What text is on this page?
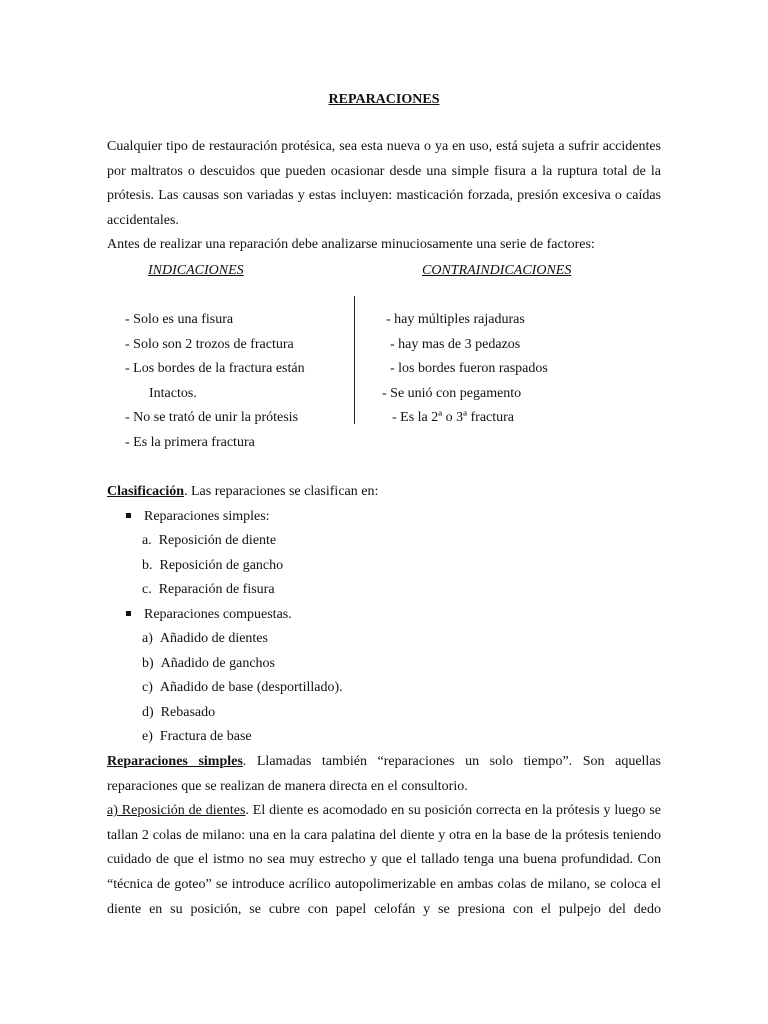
REPARACIONES
Cualquier tipo de restauración protésica, sea esta nueva o ya en uso, está sujeta a sufrir accidentes
por maltratos o descuidos que pueden ocasionar desde una simple fisura a la ruptura total de la
prótesis. Las causas son variadas y estas incluyen: masticación forzada, presión excesiva o caídas
accidentales.
Antes de realizar una reparación debe analizarse minuciosamente una serie de factores:
INDICACIONES	CONTRAINDICACIONES
- Solo es una fisura
- Solo son 2 trozos de fractura
- Los bordes de la fractura están
Intactos.
- No se trató de unir la prótesis
- Es la primera fractura
- hay múltiples rajaduras
- hay mas de 3 pedazos
- los bordes fueron raspados
- Se unió con pegamento
- Es la 2ª o 3ª fractura
Clasificación. Las reparaciones se clasifican en:
Reparaciones simples:
a. Reposición de diente
b. Reposición de gancho
c. Reparación de fisura
Reparaciones compuestas.
a) Añadido de dientes
b) Añadido de ganchos
c) Añadido de base (desportillado).
d) Rebasado
e) Fractura de base
Reparaciones simples. Llamadas también “reparaciones un solo tiempo”. Son aquellas
reparaciones que se realizan de manera directa en el consultorio.
a) Reposición de dientes. El diente es acomodado en su posición correcta en la prótesis y luego se
tallan 2 colas de milano: una en la cara palatina del diente y otra en la base de la prótesis teniendo
cuidado de que el istmo no sea muy estrecho y que el tallado tenga una buena profundidad. Con
“técnica de goteo” se introduce acrílico autopolimerizable en ambas colas de milano, se coloca el
diente en su posición, se cubre con papel celofán y se presiona con el pulpejo del dedo
